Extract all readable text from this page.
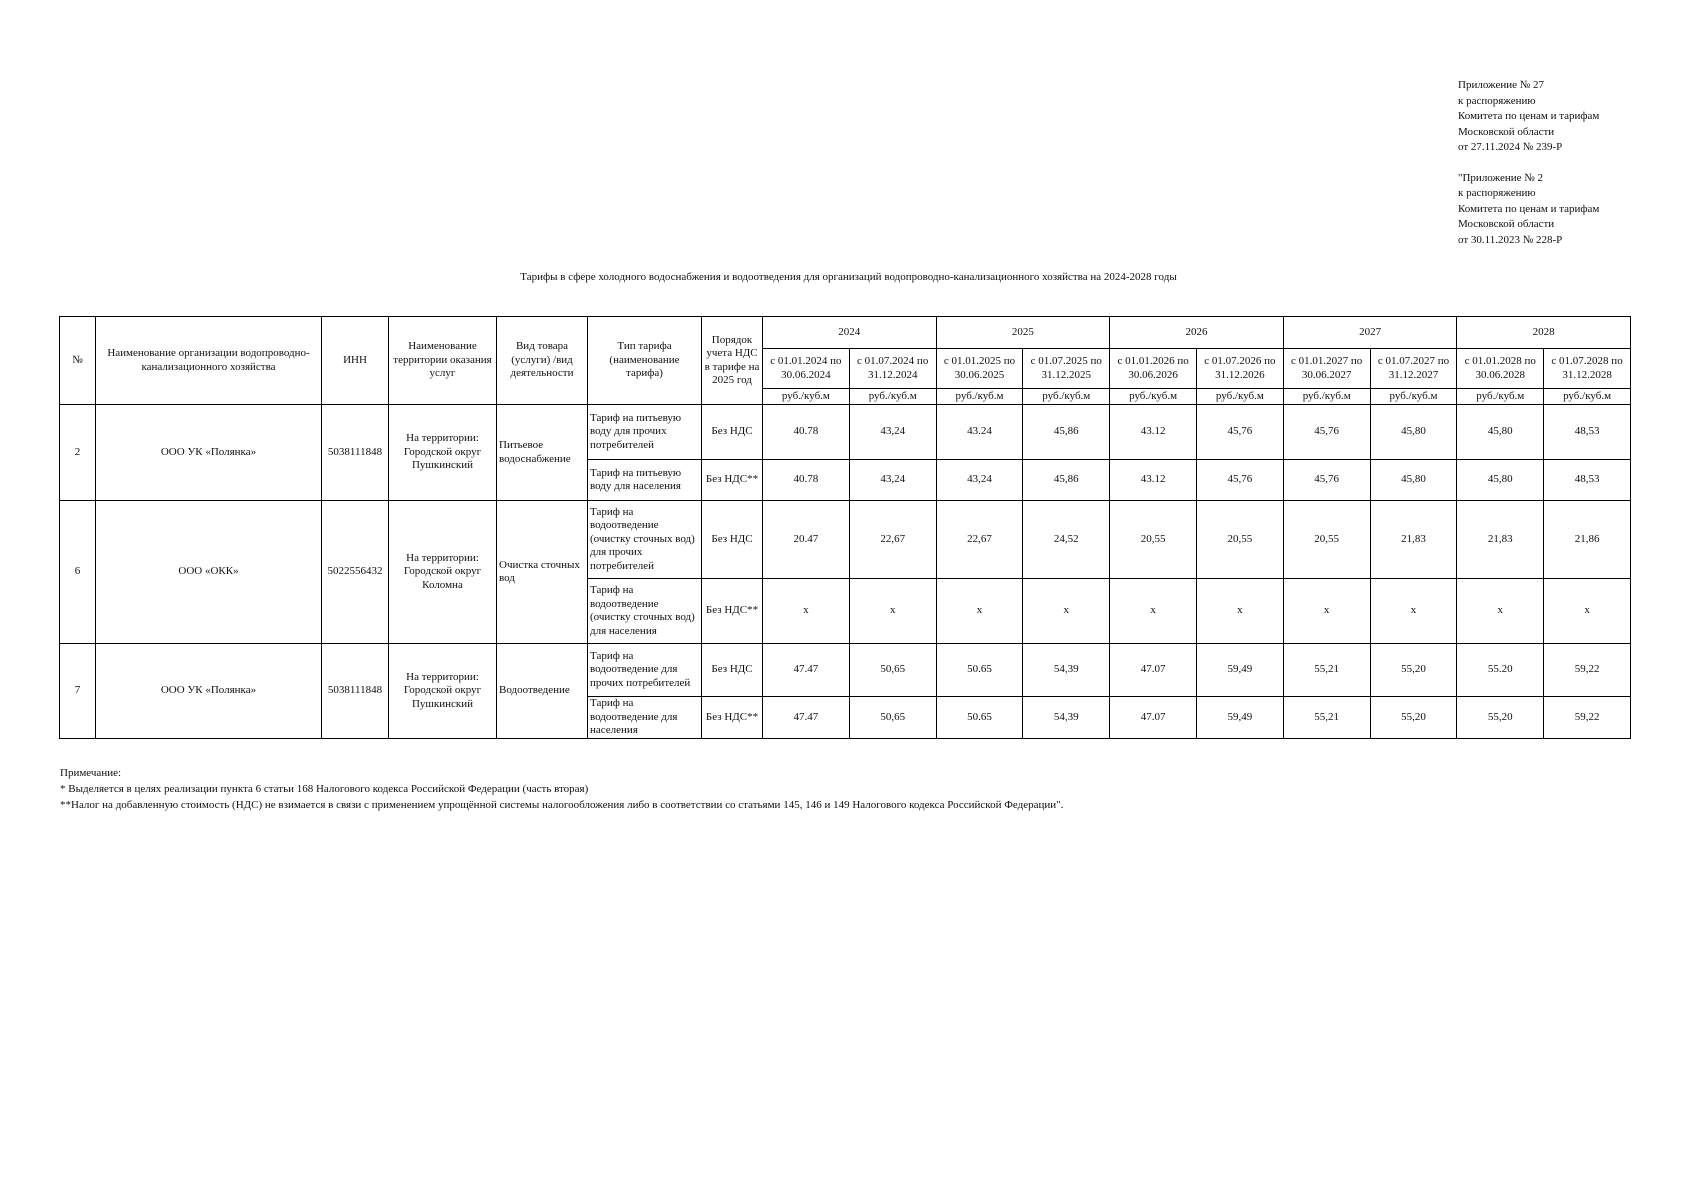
Приложение № 27
к распоряжению
Комитета по ценам и тарифам
Московской области
от 27.11.2024 № 239-Р
"Приложение № 2
к распоряжению
Комитета по ценам и тарифам
Московской области
от 30.11.2023 № 228-Р
Тарифы в сфере холодного водоснабжения и водоотведения для организаций водопроводно-канализационного хозяйства на 2024-2028 годы
№	Наименование организации водопроводно-канализационного хозяйства	ИНН	Наименование территории оказания услуг	Вид товара (услуги) /вид деятельности	Тип тарифа (наименование тарифа)	Порядок учета НДС в тарифе на 2025 год	2024		2025		2026		2027		2028	
							с 01.01.2024 по 30.06.2024	с 01.07.2024 по 31.12.2024	с 01.01.2025 по 30.06.2025	с 01.07.2025 по 31.12.2025	с 01.01.2026 по 30.06.2026	с 01.07.2026 по 31.12.2026	с 01.01.2027 по 30.06.2027	с 01.07.2027 по 31.12.2027	с 01.01.2028 по 30.06.2028	с 01.07.2028 по 31.12.2028
							руб./куб.м	руб./куб.м	руб./куб.м	руб./куб.м	руб./куб.м	руб./куб.м	руб./куб.м	руб./куб.м	руб./куб.м	руб./куб.м
2	ООО УК «Полянка»	5038111848	На территории: Городской округ Пушкинский	Питьевое водоснабжение	Тариф на питьевую воду для прочих потребителей	Без НДС	40.78	43,24	43.24	45,86	43.12	45,76	45,76	45,80	45,80	48,53
					Тариф на питьевую воду для населения	Без НДС**	40.78	43,24	43,24	45,86	43.12	45,76	45,76	45,80	45,80	48,53
6	ООО «ОКК»	5022556432	На территории: Городской округ Коломна	Очистка сточных вод	Тариф на водоотведение (очистку сточных вод) для прочих потребителей	Без НДС	20.47	22,67	22,67	24,52	20,55	20,55	20,55	21,83	21,83	21,86
					Тариф на водоотведение (очистку сточных вод) для населения	Без НДС**	х	х	х	х	х	х	х	х	х	х
7	ООО УК «Полянка»	5038111848	На территории: Городской округ Пушкинский	Водоотведение	Тариф на водоотведение для прочих потребителей	Без НДС	47.47	50,65	50.65	54,39	47.07	59,49	55,21	55,20	55.20	59,22
					Тариф на водоотведение для населения	Без НДС**	47.47	50,65	50.65	54,39	47.07	59,49	55,21	55,20	55,20	59,22
Примечание:
* Выделяется в целях реализации пункта 6 статьи 168 Налогового кодекса Российской Федерации (часть вторая)
**Налог на добавленную стоимость (НДС) не взимается в связи с применением упрощённой системы налогообложения либо в соответствии со статьями 145, 146 и 149 Налогового кодекса Российской Федерации".
